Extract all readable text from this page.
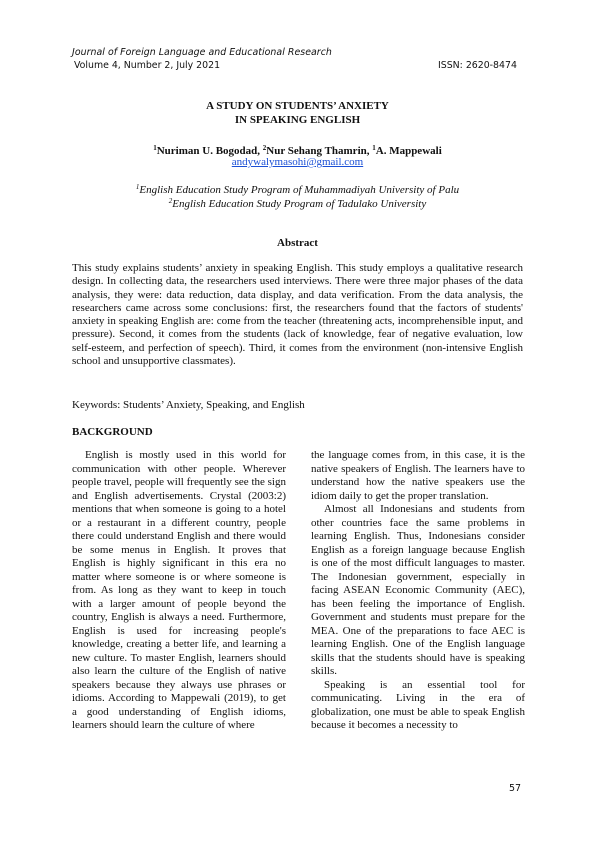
Journal of Foreign Language and Educational Research
Volume 4, Number 2, July 2021	ISSN: 2620-8474
A STUDY ON STUDENTS’ ANXIETY
IN SPEAKING ENGLISH
$^1$Nuriman U. Bogodad, $^2$Nur Sehang Thamrin, $^1$A. Mappewali
andywalymasohi@gmail.com
$^1$English Education Study Program of Muhammadiyah University of Palu
$^2$English Education Study Program of Tadulako University
Abstract

This study explains students’ anxiety in speaking English. This study employs a qualitative research design. In collecting data, the researchers used interviews. There were three major phases of the data analysis, they were: data reduction, data display, and data verification. From the data analysis, the researchers came across some conclusions: first, the researchers found that the factors of students' anxiety in speaking English are: come from the teacher (threatening acts, incomprehensible input, and pressure). Second, it comes from the students (lack of knowledge, fear of negative evaluation, low self-esteem, and perfection of speech). Third, it comes from the environment (non-intensive English school and unsupportive classmates).

Keywords: Students’ Anxiety, Speaking, and English
BACKGROUND

English is mostly used in this world for communication with other people. Wherever people travel, people will frequently see the sign and English advertisements. Crystal (2003:2) mentions that when someone is going to a hotel or a restaurant in a different country, people there could understand English and there would be some menus in English. It proves that English is highly significant in this era no matter where someone is or where someone is from. As long as they want to keep in touch with a larger amount of people beyond the country, English is always a need. Furthermore, English is used for increasing people's knowledge, creating a better life, and learning a new culture. To master English, learners should also learn the culture of the English of native speakers because they always use phrases or idioms. According to Mappewali (2019), to get a good understanding of English idioms, learners should learn the culture of where

the language comes from, in this case, it is the native speakers of English. The learners have to understand how the native speakers use the idiom daily to get the proper translation.

Almost all Indonesians and students from other countries face the same problems in learning English. Thus, Indonesians consider English as a foreign language because English is one of the most difficult languages to master. The Indonesian government, especially in facing ASEAN Economic Community (AEC), has been feeling the importance of English. Government and students must prepare for the MEA. One of the preparations to face AEC is learning English. One of the English language skills that the students should have is speaking skills.

Speaking is an essential tool for communicating. Living in the era of globalization, one must be able to speak English because it becomes a necessity to

57
